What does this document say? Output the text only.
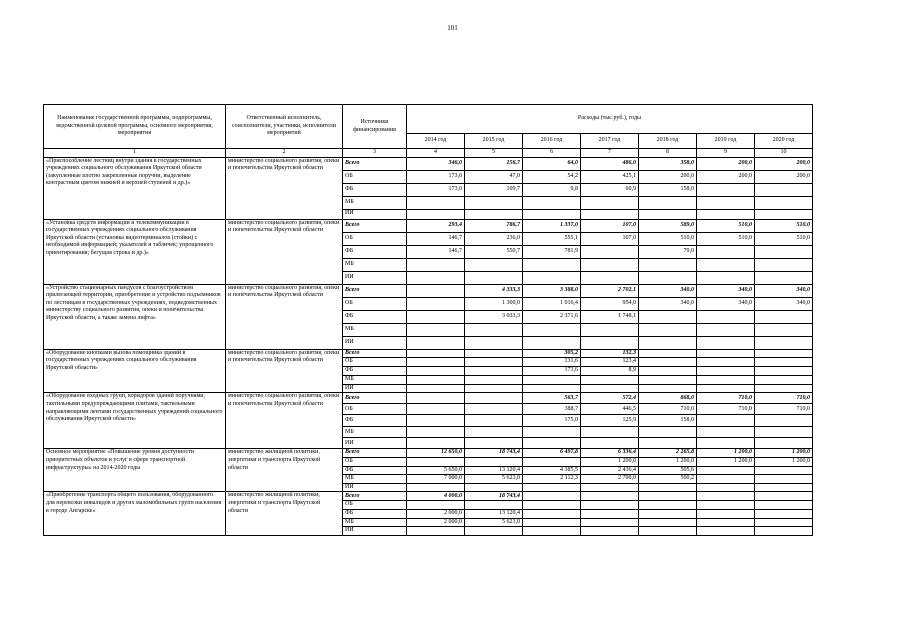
101
Наименование государственной программы, подпрограммы, ведомственной целевой программы, основного мероприятия, мероприятия	Ответственный исполнитель, соисполнители, участники, исполнители мероприятий	Источники финансирования	Расходы (тыс.руб.), годы						
			2014 год	2015 год	2016 год	2017 год	2018 год	2019 год	2020 год
1	2	3	4	5	6	7	8	9	10
«Приспособление лестниц внутри здания в государственных учреждениях социального обслуживания Иркутской области (закупленные плотно закрепленные поручни, выделение контрастным цветом нижней и верхней ступеней и др.)»	министерство социального развития, опеки и попечительства Иркутской области	Всего	346,0	156,7	64,0	486,0	358,0	200,0	200,0
		ОБ	173,0	47,0	54,2	425,1	200,0	200,0	200,0
		ФБ	173,0	109,7	9,8	60,9	158,0		
		МБ							
		ИИ							
«Установка средств информации и телекоммуникации в государственных учреждениях социального обслуживания Иркутской области (установка видеотерминалов (стойки) с необходимой информацией; указателей и табличек; упрощенного ориентирования; бегущая строка и др.)»	министерство социального развития, опеки и попечительства Иркутской области	Всего	293,4	786,7	1 337,0	107,0	589,0	510,0	510,0
		ОБ	146,7	236,0	555,1	107,0	510,0	510,0	510,0
		ФБ	146,7	550,7	781,9		79,0		
		МБ							
		ИИ							
«Устройство стационарных пандусов с благоустройством прилегающей территории, приобретение и устройство подъемников по лестницам в государственных учреждениях, подведомственных министерству социального развития, опеки и попечительства Иркутской области, а также замена лифта»	министерство социального развития, опеки и попечительства Иркутской области	Всего		4 333,3	3 388,0	2 702,1	340,0	340,0	340,0
		ОБ		1 300,0	1 016,4	954,0	340,0	340,0	340,0
		ФБ		3 033,3	2 371,6	1 748,1			
		МБ							
		ИИ							
«Оборудование кнопками вызова помощника зданий в государственных учреждениях социального обслуживания Иркутской области»	министерство социального развития, опеки и попечительства Иркутской области	Всего			305,2	132,3			
		ОБ			131,6	123,4			
		ФБ			173,6	8,9			
		МБ							
		ИИ							
«Оборудование входных групп, коридоров зданий поручнями, тактильными предупреждающими плитами, тактильными направляющими лентами государственных учреждений социального обслуживания Иркутской области»	министерство социального развития, опеки и попечительства Иркутской области	Всего			563,7	572,4	868,0	710,0	710,0
		ОБ			388,7	446,5	710,0	710,0	710,0
		ФБ			175,0	125,9	158,0		
		МБ							
		ИИ							
Основное мероприятие «Повышение уровня доступности приоритетных объектов и услуг в сфере транспортной инфраструктуры» на 2014-2020 годы	министерство жилищной политики, энергетики и транспорта Иркутской области	Всего	12 650,0	18 743,4	6 497,8	6 336,4	2 265,8	1 200,0	1 200,0
		ОБ				1 200,0	1 200,0	1 200,0	1 200,0
		ФБ	5 650,0	13 120,4	4 385,5	2 436,4	505,6		
		МБ	7 000,0	5 623,0	2 112,3	2 700,0	560,2		
		ИИ							
«Приобретение транспорта общего пользования, оборудованного для перевозки инвалидов и других маломобильных групп населения в городе Ангарске»	министерство жилищной политики, энергетики и транспорта Иркутской области	Всего	4 000,0	18 743,4					
		ОБ							
		ФБ	2 000,0	13 120,4					
		МБ	2 000,0	5 623,0					
		ИИ							
